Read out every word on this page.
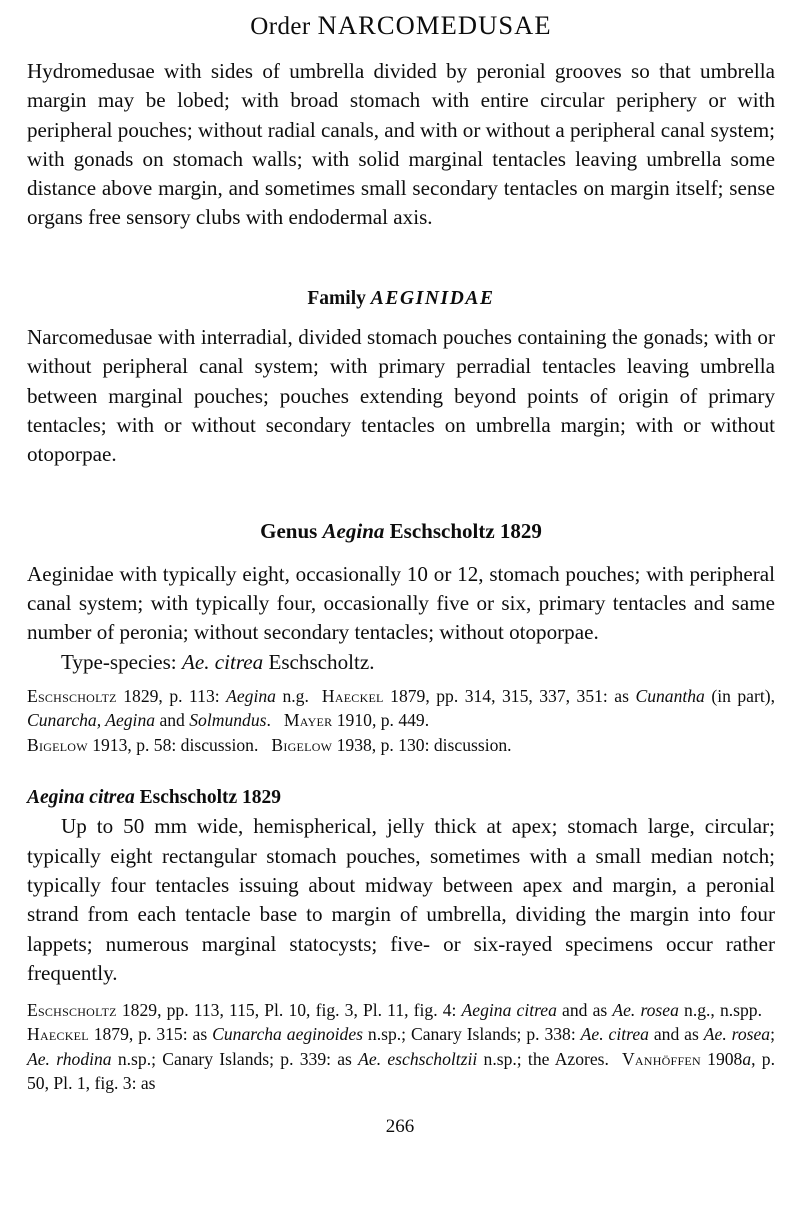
Order NARCOMEDUSAE

Hydromedusae with sides of umbrella divided by peronial grooves so that umbrella margin may be lobed; with broad stomach with entire circular periphery or with peripheral pouches; without radial canals, and with or without a peripheral canal system; with gonads on stomach walls; with solid marginal tentacles leaving umbrella some distance above margin, and sometimes small secondary tentacles on margin itself; sense organs free sensory clubs with endodermal axis.

Family AEGINIDAE

Narcomedusae with interradial, divided stomach pouches containing the gonads; with or without peripheral canal system; with primary perradial tentacles leaving umbrella between marginal pouches; pouches extending beyond points of origin of primary tentacles; with or without secondary tentacles on umbrella margin; with or without otoporpae.

Genus Aegina Eschscholtz 1829

Aeginidae with typically eight, occasionally 10 or 12, stomach pouches; with peripheral canal system; with typically four, occasionally five or six, primary tentacles and same number of peronia; without secondary tentacles; without otoporpae.

Type-species: Ae. citrea Eschscholtz.

Eschscholtz 1829, p. 113: Aegina n.g. Haeckel 1879, pp. 314, 315, 337, 351: as Cunantha (in part), Cunarcha, Aegina and Solmundus. Mayer 1910, p. 449.
Bigelow 1913, p. 58: discussion. Bigelow 1938, p. 130: discussion.

Aegina citrea Eschscholtz 1829

Up to 50 mm wide, hemispherical, jelly thick at apex; stomach large, circular; typically eight rectangular stomach pouches, sometimes with a small median notch; typically four tentacles issuing about midway between apex and margin, a peronial strand from each tentacle base to margin of umbrella, dividing the margin into four lappets; numerous marginal statocysts; five- or six-rayed specimens occur rather frequently.

Eschscholtz 1829, pp. 113, 115, Pl. 10, fig. 3, Pl. 11, fig. 4: Aegina citrea and as Ae. rosea n.g., n.spp.Haeckel 1879, p. 315: as Cunarcha aeginoides n.sp.; Canary Islands; p. 338: Ae. citrea and as Ae. rosea; Ae. rhodina n.sp.; Canary Islands; p. 339: as Ae. eschscholtzii n.sp.; the Azores. Vanhöffen 1908a, p. 50, Pl. 1, fig. 3: as

266
